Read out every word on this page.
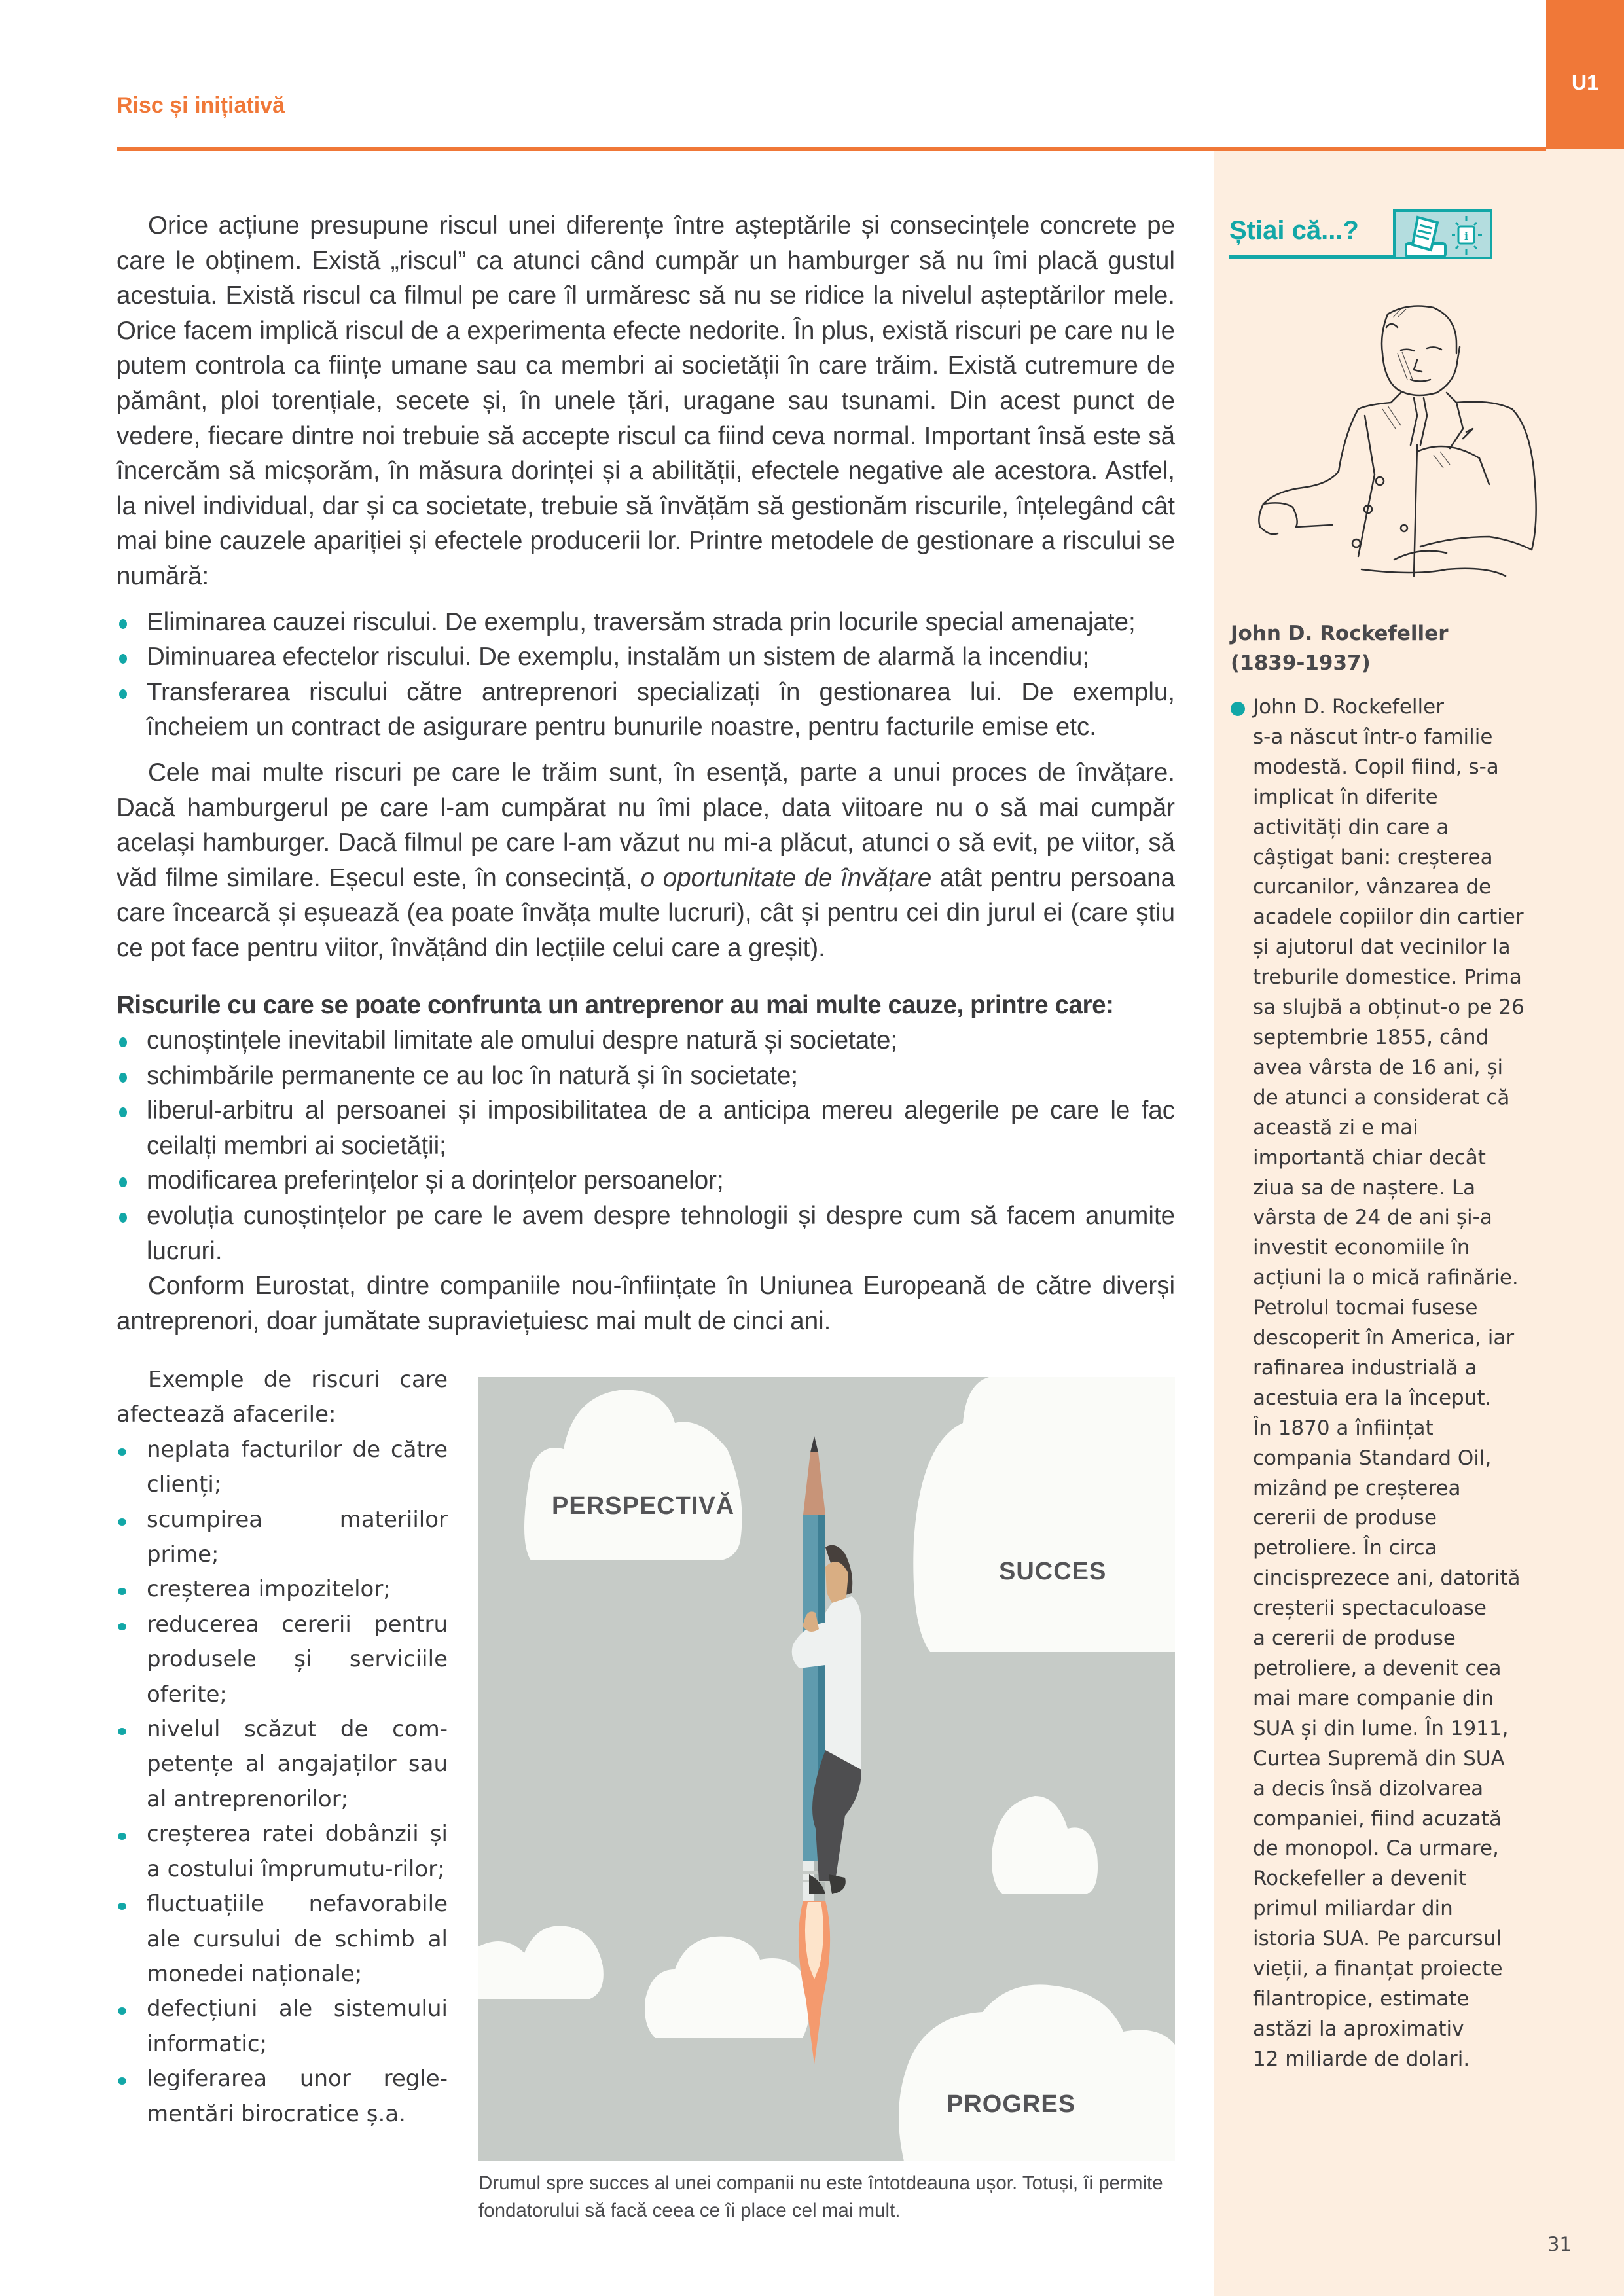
U1
Risc și inițiativă

Orice acțiune presupune riscul unei diferențe între așteptările și consecințele concrete pe care le obținem. Există „riscul” ca atunci când cumpăr un hamburger să nu îmi placă gustul acestuia. Există riscul ca filmul pe care îl urmăresc să nu se ridice la nivelul așteptărilor mele. Orice facem implică riscul de a experimenta efecte nedorite. În plus, există riscuri pe care nu le putem controla ca ființe umane sau ca membri ai societății în care trăim. Există cutremure de pământ, ploi torențiale, secete și, în unele țări, uragane sau tsunami. Din acest punct de vedere, fiecare dintre noi trebuie să accepte riscul ca fiind ceva normal. Important însă este să încercăm să micșorăm, în măsura dorinței și a abilității, efectele negative ale acestora. Astfel, la nivel individual, dar și ca societate, trebuie să învățăm să gestionăm riscurile, înțelegând cât mai bine cauzele apariției și efectele producerii lor. Printre metodele de gestionare a riscului se numără:

Eliminarea cauzei riscului. De exemplu, traversăm strada prin locurile special amenajate;
Diminuarea efectelor riscului. De exemplu, instalăm un sistem de alarmă la incendiu;
Transferarea riscului către antreprenori specializați în gestionarea lui. De exemplu, încheiem un contract de asigurare pentru bunurile noastre, pentru facturile emise etc.

Cele mai multe riscuri pe care le trăim sunt, în esență, parte a unui proces de învățare. Dacă hamburgerul pe care l-am cumpărat nu îmi place, data viitoare nu o să mai cumpăr același hamburger. Dacă filmul pe care l-am văzut nu mi-a plăcut, atunci o să evit, pe viitor, să văd filme similare. Eșecul este, în consecință, o oportunitate de învățare atât pentru persoana care încearcă și eșuează (ea poate învăța multe lucruri), cât și pentru cei din jurul ei (care știu ce pot face pentru viitor, învățând din lecțiile celui care a greșit).

Riscurile cu care se poate confrunta un antreprenor au mai multe cauze, printre care:

cunoștințele inevitabil limitate ale omului despre natură și societate;
schimbările permanente ce au loc în natură și în societate;
liberul-arbitru al persoanei și imposibilitatea de a anticipa mereu alegerile pe care le fac ceilalți membri ai societății;
modificarea preferințelor și a dorințelor persoanelor;
evoluția cunoștințelor pe care le avem despre tehnologii și despre cum să facem anumite lucruri.

Conform Eurostat, dintre companiile nou-înființate în Uniunea Europeană de către diverși antreprenori, doar jumătate supraviețuiesc mai mult de cinci ani.

Exemple de riscuri care afectează afacerile:

neplata facturilor de către clienți;
scumpirea materiilor prime;
creșterea impozitelor;
reducerea cererii pentru produsele și serviciile oferite;
nivelul scăzut de com-petențe al angajaților sau al antreprenorilor;
creșterea ratei dobânzii și a costului împrumutu-rilor;
fluctuațiile nefavorabile ale cursului de schimb al monedei naționale;
defecțiuni ale sistemului informatic;
legiferarea unor regle-mentări birocratice ș.a.
PERSPECTIVĂ
SUCCES
PROGRES
Drumul spre succes al unei companii nu este întotdeauna ușor. Totuși, îi permite fondatorului să facă ceea ce îi place cel mai mult.
Știai că...?	i
John D. Rockefeller
(1839-1937)
John D. Rockefeller
s-a născut într-o familie
modestă. Copil fiind, s-a
implicat în diferite
activități din care a
câștigat bani: creșterea
curcanilor, vânzarea de
acadele copiilor din cartier
și ajutorul dat vecinilor la
treburile domestice. Prima
sa slujbă a obținut-o pe 26
septembrie 1855, când
avea vârsta de 16 ani, și
de atunci a considerat că
această zi e mai
importantă chiar decât
ziua sa de naștere. La
vârsta de 24 de ani și-a
investit economiile în
acțiuni la o mică rafinărie.
Petrolul tocmai fusese
descoperit în America, iar
rafinarea industrială a
acestuia era la început.
În 1870 a înființat
compania Standard Oil,
mizând pe creșterea
cererii de produse
petroliere. În circa
cincisprezece ani, datorită
creșterii spectaculoase
a cererii de produse
petroliere, a devenit cea
mai mare companie din
SUA și din lume. În 1911,
Curtea Supremă din SUA
a decis însă dizolvarea
companiei, fiind acuzată
de monopol. Ca urmare,
Rockefeller a devenit
primul miliardar din
istoria SUA. Pe parcursul
vieții, a finanțat proiecte
filantropice, estimate
astăzi la aproximativ
12 miliarde de dolari.
31
